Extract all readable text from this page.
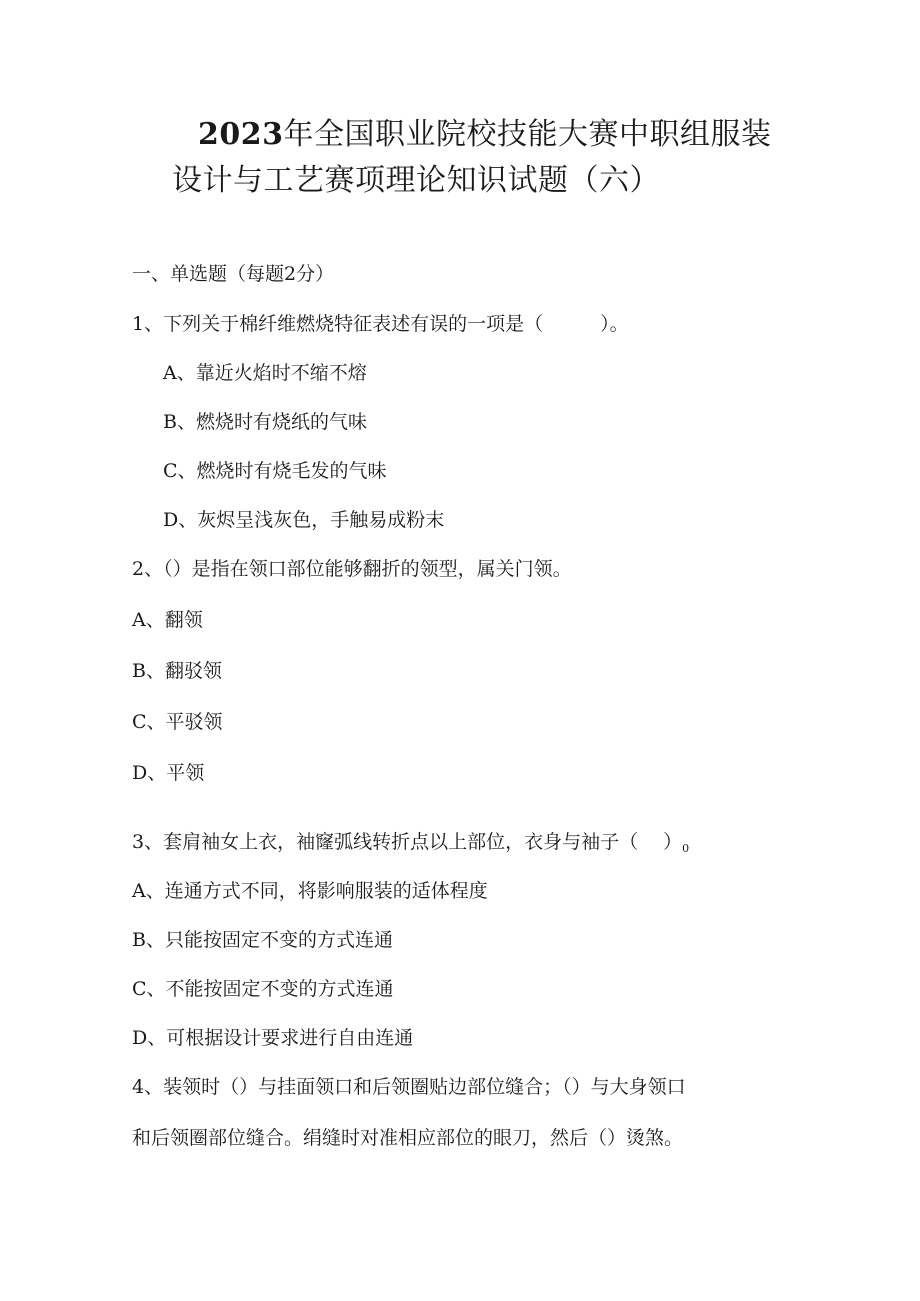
2023年全国职业院校技能大赛中职组服装
设计与工艺赛项理论知识试题（六）
一、单选题（每题2分）
1、下列关于棉纤维燃烧特征表述有误的一项是（　　　）。
A、靠近火焰时不缩不熔
B、燃烧时有烧纸的气味
C、燃烧时有烧毛发的气味
D、灰烬呈浅灰色，手触易成粉末
2、（）是指在领口部位能够翻折的领型，属关门领。
A、翻领
B、翻驳领
C、平驳领
D、平领
3、套肩袖女上衣，袖窿弧线转折点以上部位，衣身与袖子（　 ）$_0$
A、连通方式不同，将影响服装的适体程度
B、只能按固定不变的方式连通
C、不能按固定不变的方式连通
D、可根据设计要求进行自由连通
4、装领时（）与挂面领口和后领圈贴边部位缝合；（）与大身领口
和后领圈部位缝合。绢缝时对准相应部位的眼刀，然后（）烫煞。
